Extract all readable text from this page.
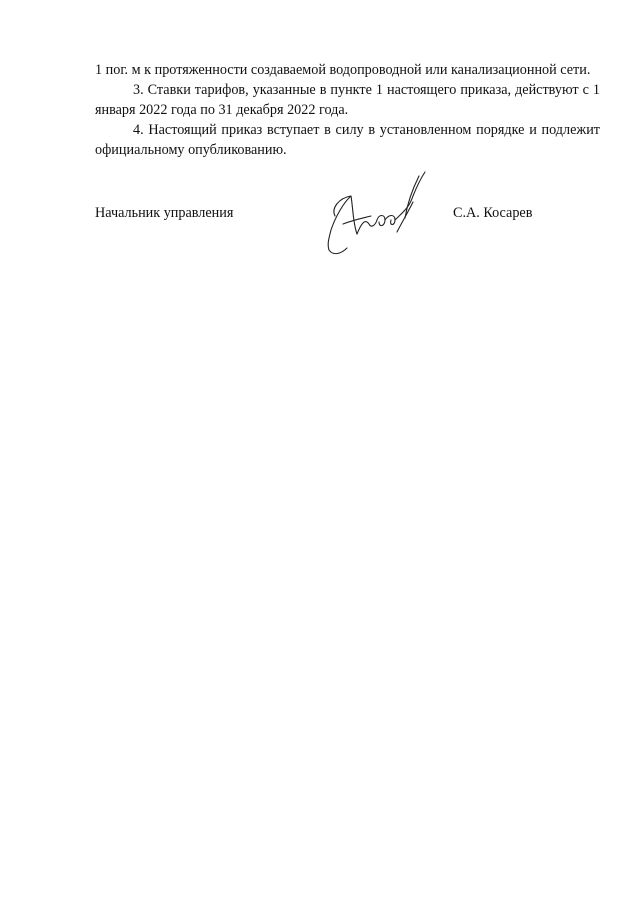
1 пог. м к протяженности создаваемой водопроводной или канализационной сети.

3. Ставки тарифов, указанные в пункте 1 настоящего приказа, действуют с 1 января 2022 года по 31 декабря 2022 года.

4. Настоящий приказ вступает в силу в установленном порядке и подлежит официальному опубликованию.

Начальник управления	С.А. Косарев
